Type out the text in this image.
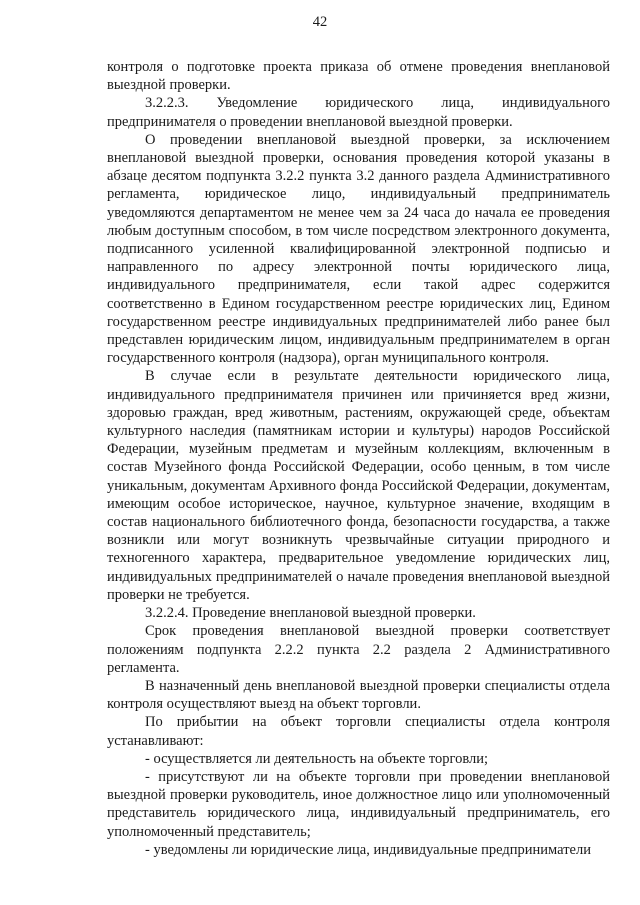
42

контроля о подготовке проекта приказа об отмене проведения внеплановой выездной проверки.

3.2.2.3. Уведомление юридического лица, индивидуального предпринимателя о проведении внеплановой выездной проверки.

О проведении внеплановой выездной проверки, за исключением внеплановой выездной проверки, основания проведения которой указаны в абзаце десятом подпункта 3.2.2 пункта 3.2 данного раздела Административного регламента, юридическое лицо, индивидуальный предприниматель уведомляются департаментом не менее чем за 24 часа до начала ее проведения любым доступным способом, в том числе посредством электронного документа, подписанного усиленной квалифицированной электронной подписью и направленного по адресу электронной почты юридического лица, индивидуального предпринимателя, если такой адрес содержится соответственно в Едином государственном реестре юридических лиц, Едином государственном реестре индивидуальных предпринимателей либо ранее был представлен юридическим лицом, индивидуальным предпринимателем в орган государственного контроля (надзора), орган муниципального контроля.

В случае если в результате деятельности юридического лица, индивидуального предпринимателя причинен или причиняется вред жизни, здоровью граждан, вред животным, растениям, окружающей среде, объектам культурного наследия (памятникам истории и культуры) народов Российской Федерации, музейным предметам и музейным коллекциям, включенным в состав Музейного фонда Российской Федерации, особо ценным, в том числе уникальным, документам Архивного фонда Российской Федерации, документам, имеющим особое историческое, научное, культурное значение, входящим в состав национального библиотечного фонда, безопасности государства, а также возникли или могут возникнуть чрезвычайные ситуации природного и техногенного характера, предварительное уведомление юридических лиц, индивидуальных предпринимателей о начале проведения внеплановой выездной проверки не требуется.

3.2.2.4. Проведение внеплановой выездной проверки.

Срок проведения внеплановой выездной проверки соответствует положениям подпункта 2.2.2 пункта 2.2 раздела 2 Административного регламента.

В назначенный день внеплановой выездной проверки специалисты отдела контроля осуществляют выезд на объект торговли.

По прибытии на объект торговли специалисты отдела контроля устанавливают:

- осуществляется ли деятельность на объекте торговли;

- присутствуют ли на объекте торговли при проведении внеплановой выездной проверки руководитель, иное должностное лицо или уполномоченный представитель юридического лица, индивидуальный предприниматель, его уполномоченный представитель;

- уведомлены ли юридические лица, индивидуальные предприниматели
